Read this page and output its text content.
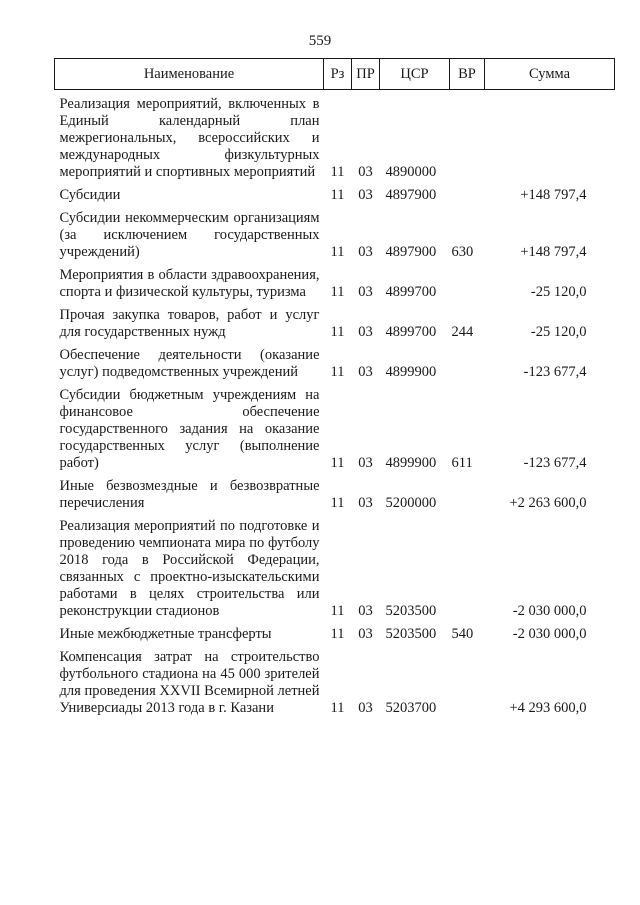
559
Наименование	Рз	ПР	ЦСР	ВР	Сумма
Реализация мероприятий, включенных в Единый календарный план межрегиональных, всероссийских и международных физкультурных мероприятий и спортивных мероприятий	11	03	4890000		
Субсидии	11	03	4897900		+148 797,4
Субсидии некоммерческим организациям (за исключением государственных учреждений)	11	03	4897900	630	+148 797,4
Мероприятия в области здравоохранения, спорта и физической культуры, туризма	11	03	4899700		-25 120,0
Прочая закупка товаров, работ и услуг для государственных нужд	11	03	4899700	244	-25 120,0
Обеспечение деятельности (оказание услуг) подведомственных учреждений	11	03	4899900		-123 677,4
Субсидии бюджетным учреждениям на финансовое обеспечение государственного задания на оказание государственных услуг (выполнение работ)	11	03	4899900	611	-123 677,4
Иные безвозмездные и безвозвратные перечисления	11	03	5200000		+2 263 600,0
Реализация мероприятий по подготовке и проведению чемпионата мира по футболу 2018 года в Российской Федерации, связанных с проектно-изыскательскими работами в целях строительства или реконструкции стадионов	11	03	5203500		-2 030 000,0
Иные межбюджетные трансферты	11	03	5203500	540	-2 030 000,0
Компенсация затрат на строительство футбольного стадиона на 45 000 зрителей для проведения XXVII Всемирной летней Универсиады 2013 года в г. Казани	11	03	5203700		+4 293 600,0
